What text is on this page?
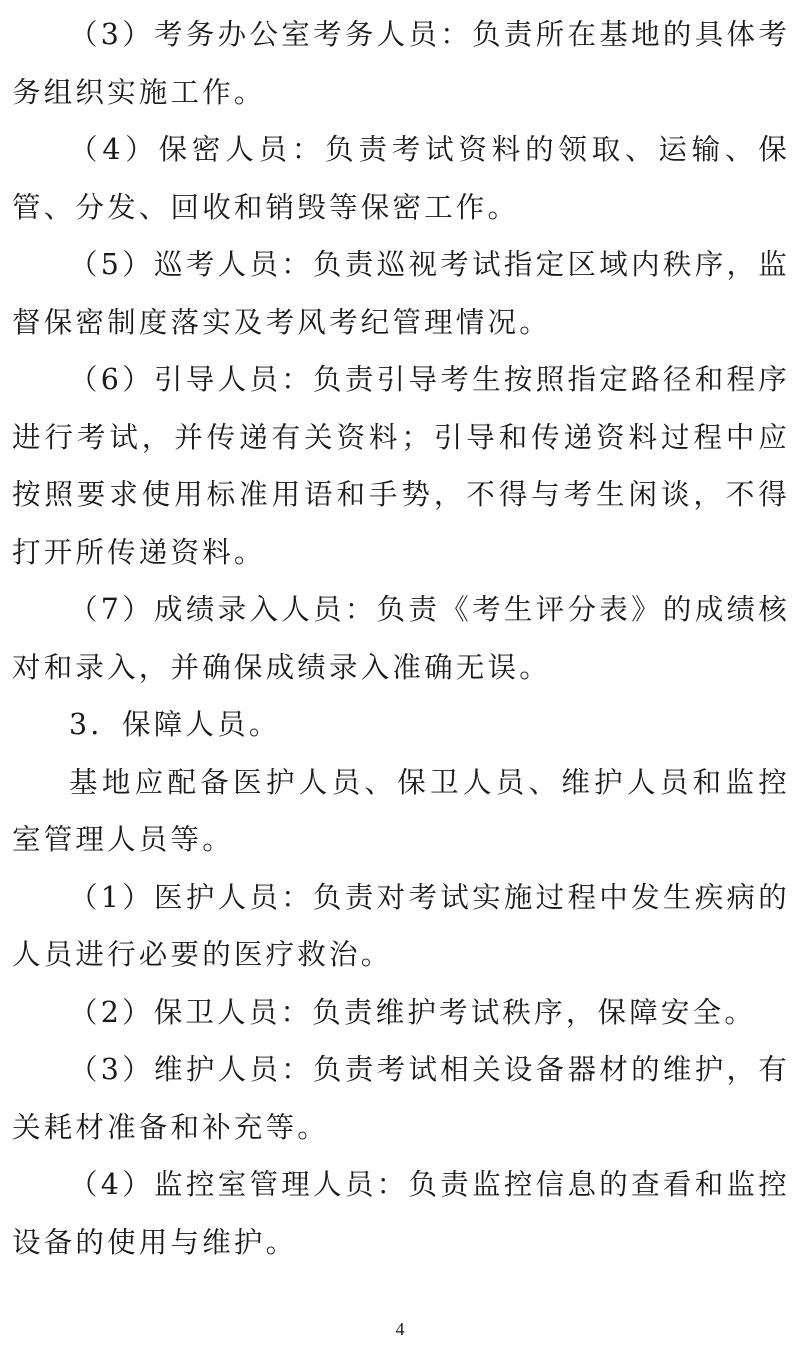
（3）考务办公室考务人员：负责所在基地的具体考务组织实施工作。

（4）保密人员：负责考试资料的领取、运输、保管、分发、回收和销毁等保密工作。

（5）巡考人员：负责巡视考试指定区域内秩序，监督保密制度落实及考风考纪管理情况。

（6）引导人员：负责引导考生按照指定路径和程序进行考试，并传递有关资料；引导和传递资料过程中应按照要求使用标准用语和手势，不得与考生闲谈，不得打开所传递资料。

（7）成绩录入人员：负责《考生评分表》的成绩核对和录入，并确保成绩录入准确无误。

3．保障人员。

基地应配备医护人员、保卫人员、维护人员和监控室管理人员等。

（1）医护人员：负责对考试实施过程中发生疾病的人员进行必要的医疗救治。

（2）保卫人员：负责维护考试秩序，保障安全。

（3）维护人员：负责考试相关设备器材的维护，有关耗材准备和补充等。

（4）监控室管理人员：负责监控信息的查看和监控设备的使用与维护。

4
